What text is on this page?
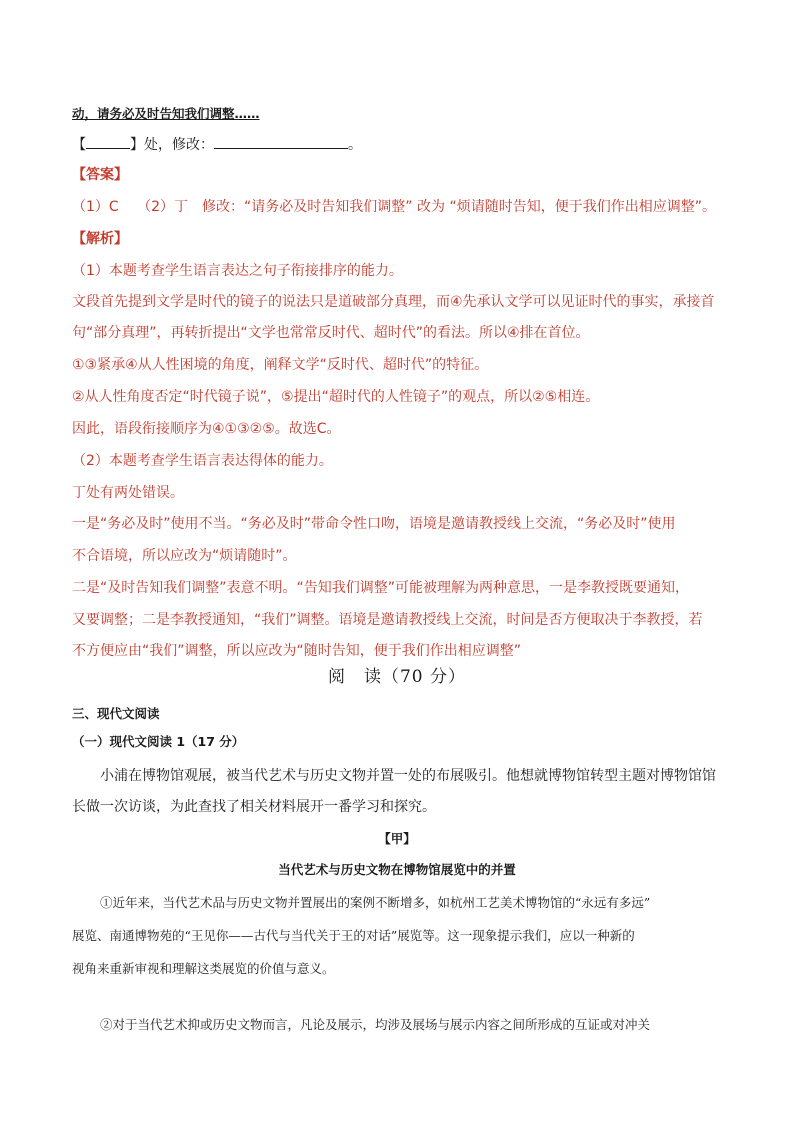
动，请务必及时告知我们调整……
【	】处，修改：	。
【答案】
（1）C　 （2）丁　修改：“请务必及时告知我们调整” 改为 “烦请随时告知，便于我们作出相应调整”。
【解析】
（1）本题考查学生语言表达之句子衔接排序的能力。
文段首先提到文学是时代的镜子的说法只是道破部分真理，而④先承认文学可以见证时代的事实，承接首
句“部分真理”，再转折提出“文学也常常反时代、超时代”的看法。所以④排在首位。
①③紧承④从人性困境的角度，阐释文学“反时代、超时代”的特征。
②从人性角度否定“时代镜子说”，⑤提出“超时代的人性镜子”的观点，所以②⑤相连。
因此，语段衔接顺序为④①③②⑤。故选C。
（2）本题考查学生语言表达得体的能力。
丁处有两处错误。
一是“务必及时”使用不当。“务必及时”带命令性口吻，语境是邀请教授线上交流，“务必及时”使用
不合语境，所以应改为“烦请随时”。
二是“及时告知我们调整”表意不明。“告知我们调整”可能被理解为两种意思，一是李教授既要通知，
又要调整；二是李教授通知，“我们”调整。语境是邀请教授线上交流，时间是否方便取决于李教授，若
不方便应由“我们”调整，所以应改为“随时告知，便于我们作出相应调整”
阅　读（70 分）
三、现代文阅读
（一）现代文阅读 1（17 分）
小浦在博物馆观展，被当代艺术与历史文物并置一处的布展吸引。他想就博物馆转型主题对博物馆馆
长做一次访谈，为此查找了相关材料展开一番学习和探究。
【甲】
当代艺术与历史文物在博物馆展览中的并置
①近年来，当代艺术品与历史文物并置展出的案例不断增多，如杭州工艺美术博物馆的“永远有多远”
展览、南通博物苑的“王见你——古代与当代关于王的对话”展览等。这一现象提示我们，应以一种新的
视角来重新审视和理解这类展览的价值与意义。
②对于当代艺术抑或历史文物而言，凡论及展示，均涉及展场与展示内容之间所形成的互证或对冲关
